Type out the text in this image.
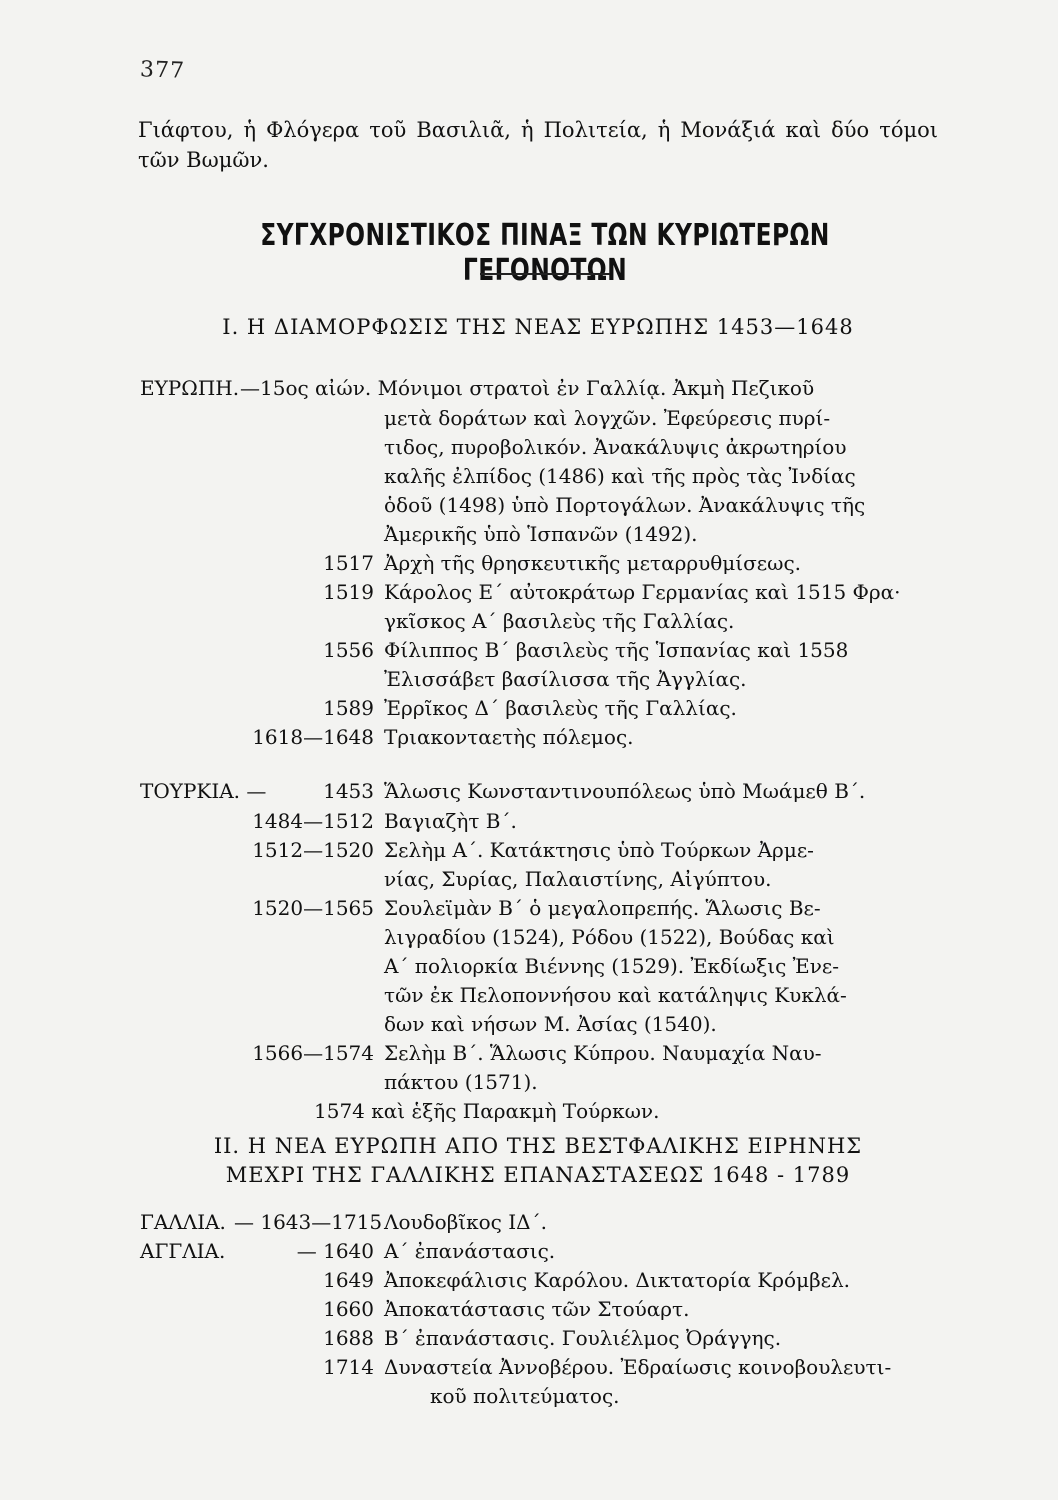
377
Γιάφτου, ἡ Φλόγερα τοῦ Βασιλιᾶ, ἡ Πολιτεία, ἡ Μονάξιά καὶ δύο τόμοι τῶν Βωμῶν.
ΣΥΓΧΡΟΝΙΣΤΙΚΟΣ ΠΙΝΑΞ ΤΩΝ ΚΥΡΙΩΤΕΡΩΝ ΓΕΓΟΝΟΤΩΝ
Ι. Η ΔΙΑΜΟΡΦΩΣΙΣ ΤΗΣ ΝΕΑΣ ΕΥΡΩΠΗΣ 1453—1648
ΕΥΡΩΠΗ. —15ος αἰών. Μόνιμοι στρατοὶ ἐν Γαλλίᾳ. Ἀκμὴ Πεζικοῦ
μετὰ δοράτων καὶ λογχῶν. Ἐφεύρεσις πυρί-
τιδος, πυροβολικόν. Ἀνακάλυψις ἀκρωτηρίου
καλῆς ἐλπίδος (1486) καὶ τῆς πρὸς τὰς Ἰνδίας
ὁδοῦ (1498) ὑπὸ Πορτογάλων. Ἀνακάλυψις τῆς
Ἀμερικῆς ὑπὸ Ἱσπανῶν (1492).
1517 Ἀρχὴ τῆς θρησκευτικῆς μεταρρυθμίσεως.
1519 Κάρολος Ε΄ αὐτοκράτωρ Γερμανίας καὶ 1515 Φρα·
γκῖσκος Α΄ βασιλεὺς τῆς Γαλλίας.
1556 Φίλιππος Β΄ βασιλεὺς τῆς Ἱσπανίας καὶ 1558
Ἐλισσάβετ βασίλισσα τῆς Ἀγγλίας.
1589 Ἐρρῖκος Δ΄ βασιλεὺς τῆς Γαλλίας.
1618—1648 Τριακονταετὴς πόλεμος.
ΤΟΥΡΚΙΑ. —	1453 Ἅλωσις Κωνσταντινουπόλεως ὑπὸ Μωάμεθ Β΄.
1484—1512 Βαγιαζὴτ Β΄.
1512—1520 Σελὴμ Α΄. Κατάκτησις ὑπὸ Τούρκων Ἀρμε-
νίας, Συρίας, Παλαιστίνης, Αἰγύπτου.
1520—1565 Σουλεϊμὰν Β΄ ὁ μεγαλοπρεπής. Ἅλωσις Βε-
λιγραδίου (1524), Ρόδου (1522), Βούδας καὶ
Α΄ πολιορκία Βιέννης (1529). Ἐκδίωξις Ἐνε-
τῶν ἐκ Πελοποννήσου καὶ κατάληψις Κυκλά-
δων καὶ νήσων Μ. Ἀσίας (1540).
1566—1574 Σελὴμ Β΄. Ἅλωσις Κύπρου. Ναυμαχία Ναυ-
πάκτου (1571).
1574 καὶ ἑξῆς Παρακμὴ Τούρκων.
ΙΙ. Η ΝΕΑ ΕΥΡΩΠΗ ΑΠΟ ΤΗΣ ΒΕΣΤΦΑΛΙΚΗΣ ΕΙΡΗΝΗΣ
ΜΕΧΡΙ ΤΗΣ ΓΑΛΛΙΚΗΣ ΕΠΑΝΑΣΤΑΣΕΩΣ 1648 - 1789
ΓΑΛΛΙΑ. — 1643—1715 Λουδοβῖκος ΙΔ΄.
ΑΓΓΛΙΑ.	— 1640 Α΄ ἐπανάστασις.
1649 Ἀποκεφάλισις Καρόλου. Δικτατορία Κρόμβελ.
1660 Ἀποκατάστασις τῶν Στούαρτ.
1688 Β΄ ἐπανάστασις. Γουλιέλμος Ὀράγγης.
1714 Δυναστεία Ἀννοβέρου. Ἐδραίωσις κοινοβουλευτι-
κοῦ πολιτεύματος.
